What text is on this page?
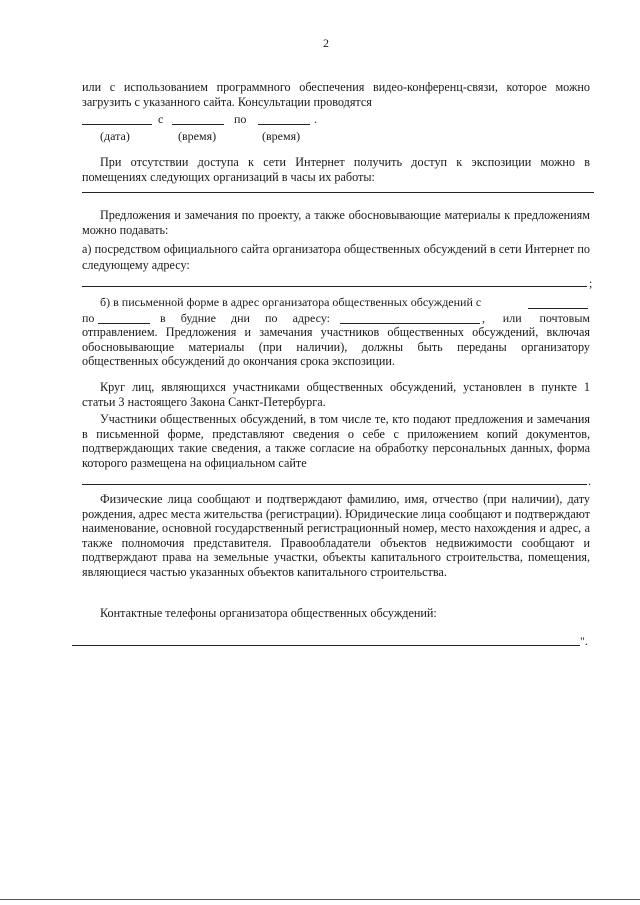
2
или с использованием программного обеспечения видео-конференц-связи, которое можно загрузить с указанного сайта. Консультации проводятся
с	по	.
(дата)	(время)	(время)
При отсутствии доступа к сети Интернет получить доступ к экспозиции можно в помещениях следующих организаций в часы их работы:
Предложения и замечания по проекту, а также обосновывающие материалы к предложениям можно подавать:
а) посредством официального сайта организатора общественных обсуждений в сети Интернет по следующему адресу:
;
б) в письменной форме в адрес организатора общественных обсуждений с
по	в будние дни по адресу:	, или почтовым
отправлением. Предложения и замечания участников общественных обсуждений, включая обосновывающие материалы (при наличии), должны быть переданы организатору общественных обсуждений до окончания срока экспозиции.
Круг лиц, являющихся участниками общественных обсуждений, установлен в пункте 1 статьи 3 настоящего Закона Санкт-Петербурга.
Участники общественных обсуждений, в том числе те, кто подают предложения и замечания в письменной форме, представляют сведения о себе с приложением копий документов, подтверждающих такие сведения, а также согласие на обработку персональных данных, форма которого размещена на официальном сайте
.
Физические лица сообщают и подтверждают фамилию, имя, отчество (при наличии), дату рождения, адрес места жительства (регистрации). Юридические лица сообщают и подтверждают наименование, основной государственный регистрационный номер, место нахождения и адрес, а также полномочия представителя. Правообладатели объектов недвижимости сообщают и подтверждают права на земельные участки, объекты капитального строительства, помещения, являющиеся частью указанных объектов капитального строительства.
Контактные телефоны организатора общественных обсуждений:
".
